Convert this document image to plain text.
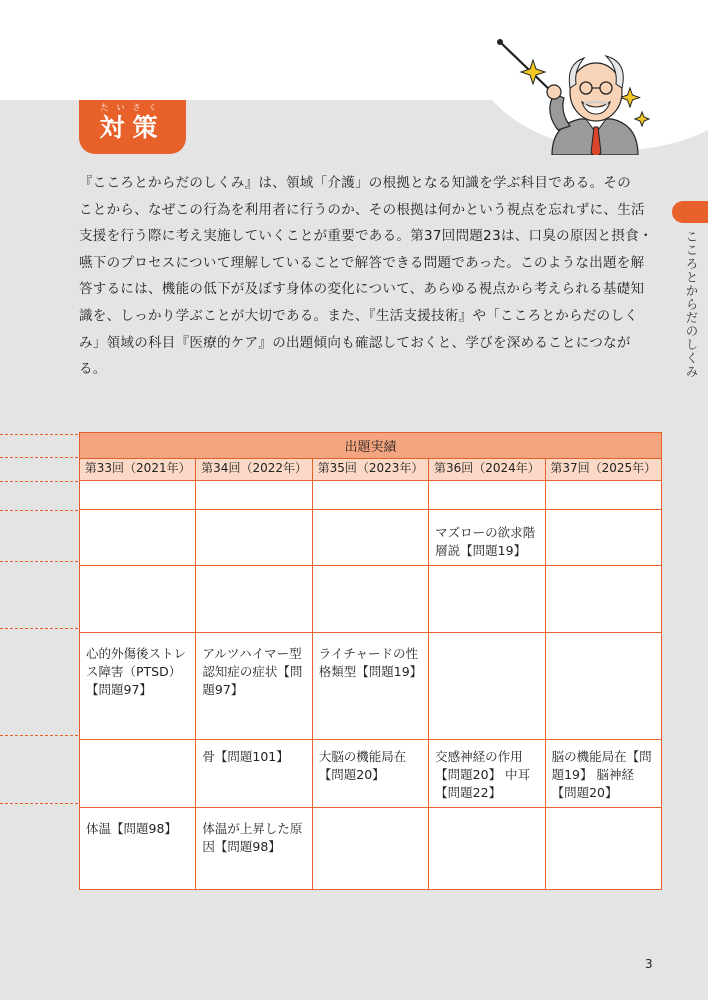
たいさく
対策
こころとからだのしくみ

『こころとからだのしくみ』は、領域「介護」の根拠となる知識を学ぶ科目である。その

ことから、なぜこの行為を利用者に行うのか、その根拠は何かという視点を忘れずに、生活

支援を行う際に考え実施していくことが重要である。第37回問題23は、口臭の原因と摂食・

嚥下のプロセスについて理解していることで解答できる問題であった。このような出題を解

答するには、機能の低下が及ぼす身体の変化について、あらゆる視点から考えられる基礎知

識を、しっかり学ぶことが大切である。また、『生活支援技術』や「こころとからだのしく

み」領域の科目『医療的ケア』の出題傾向も確認しておくと、学びを深めることにつなが

る。

出題実績				
第33回（2021年）	第34回（2022年）	第35回（2023年）	第36回（2024年）	第37回（2025年）

			マズローの欲求階層説【問題19】	

心的外傷後ストレス障害（PTSD）【問題97】	アルツハイマー型認知症の症状【問題97】	ライチャードの性格類型【問題19】		
	骨【問題101】	大脳の機能局在【問題20】	交感神経の作用【問題20】 中耳【問題22】	脳の機能局在【問題19】 脳神経【問題20】
体温【問題98】	体温が上昇した原因【問題98】			
3
